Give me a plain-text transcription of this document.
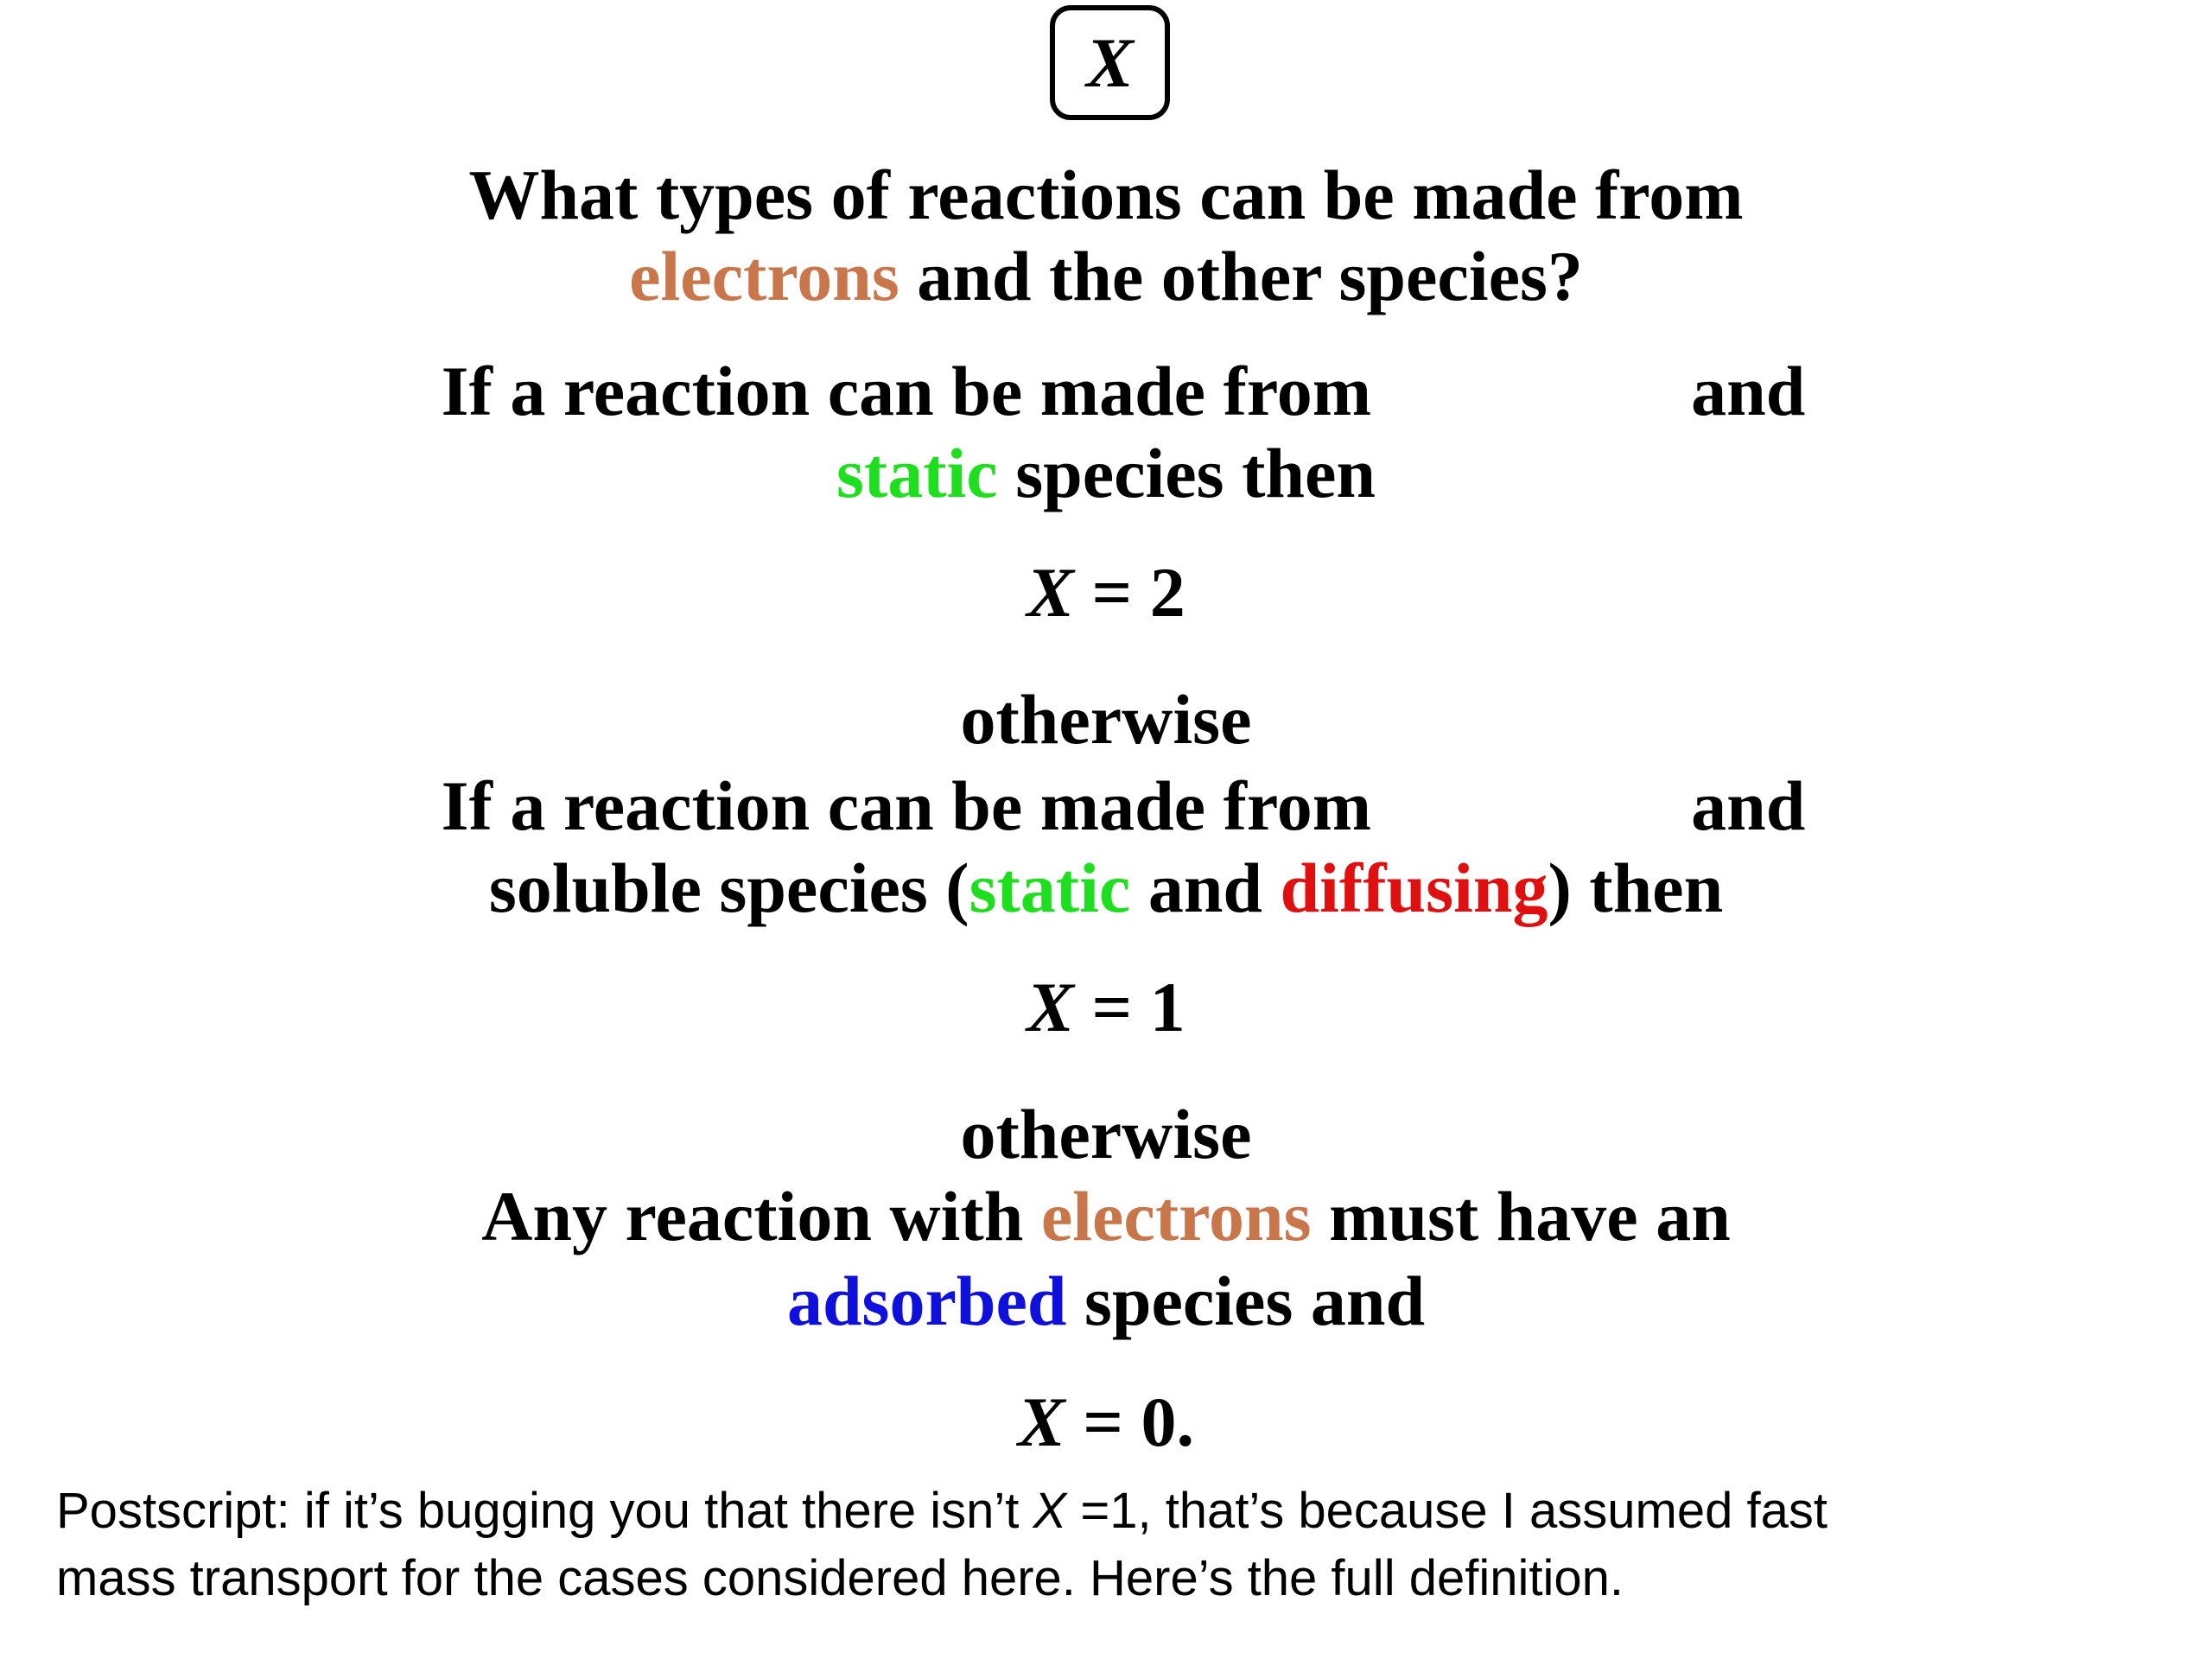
X
What types of reactions can be made from
electrons and the other species?
If a reaction can be made from	and
static species then
X = 2
otherwise
If a reaction can be made from	and
soluble species (static and diffusing) then
X = 1
otherwise
Any reaction with electrons must have an
adsorbed species and
X = 0.
Postscript: if it’s bugging you that there isn’t X =1, that’s because I assumed fast
mass transport for the cases considered here. Here’s the full definition.
